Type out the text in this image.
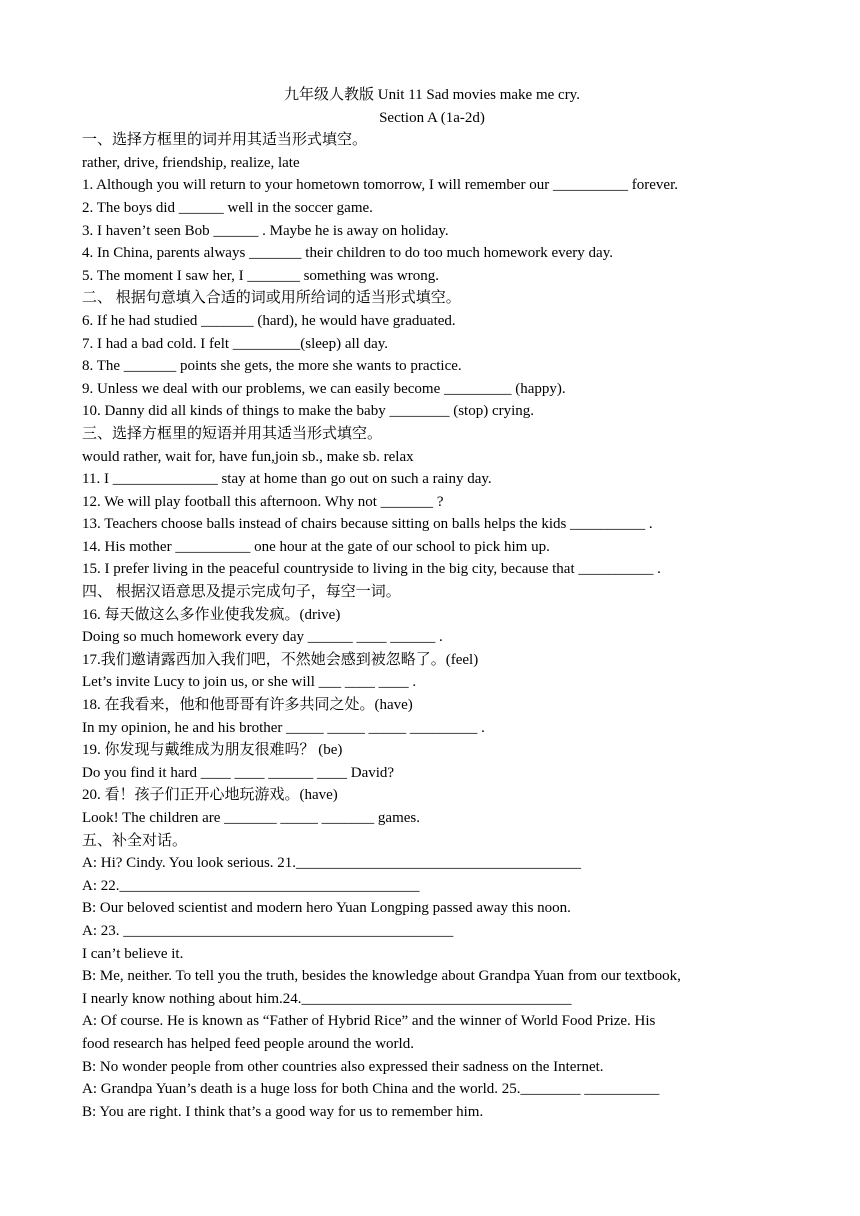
九年级人教版 Unit 11 Sad movies make me cry.
Section A (1a-2d)
一、选择方框里的词并用其适当形式填空。
rather, drive, friendship, realize, late
1. Although you will return to your hometown tomorrow, I will remember our __________ forever.
2. The boys did ______ well in the soccer game.
3. I haven’t seen Bob ______ . Maybe he is away on holiday.
4. In China, parents always _______ their children to do too much homework every day.
5. The moment I saw her, I _______ something was wrong.
二、 根据句意填入合适的词或用所给词的适当形式填空。
6. If he had studied _______ (hard), he would have graduated.
7. I had a bad cold. I felt _________(sleep) all day.
8. The _______ points she gets, the more she wants to practice.
9. Unless we deal with our problems, we can easily become _________ (happy).
10. Danny did all kinds of things to make the baby ________ (stop) crying.
三、选择方框里的短语并用其适当形式填空。
would rather, wait for, have fun,join sb., make sb. relax
11. I ______________ stay at home than go out on such a rainy day.
12. We will play football this afternoon. Why not _______ ?
13. Teachers choose balls instead of chairs because sitting on balls helps the kids __________ .
14. His mother __________ one hour at the gate of our school to pick him up.
15. I prefer living in the peaceful countryside to living in the big city, because that __________ .
四、 根据汉语意思及提示完成句子，每空一词。
16. 每天做这么多作业使我发疯。(drive)
Doing so much homework every day ______ ____ ______ .
17.我们邀请露西加入我们吧，不然她会感到被忽略了。(feel)
Let’s invite Lucy to join us, or she will ___ ____ ____ .
18. 在我看来，他和他哥哥有许多共同之处。(have)
In my opinion, he and his brother _____ _____ _____ _________ .
19. 你发现与戴维成为朋友很难吗？ (be)
Do you find it hard ____ ____ ______ ____ David?
20. 看！孩子们正开心地玩游戏。(have)
Look! The children are _______ _____ _______ games.
五、补全对话。
A: Hi? Cindy. You look serious. 21.______________________________________
A: 22.________________________________________
B: Our beloved scientist and modern hero Yuan Longping passed away this noon.
A: 23. ____________________________________________
I can’t believe it.
B: Me, neither. To tell you the truth, besides the knowledge about Grandpa Yuan from our textbook,
I nearly know nothing about him.24.____________________________________
A: Of course. He is known as “Father of Hybrid Rice” and the winner of World Food Prize. His
food research has helped feed people around the world.
B: No wonder people from other countries also expressed their sadness on the Internet.
A: Grandpa Yuan’s death is a huge loss for both China and the world. 25.________ __________
B: You are right. I think that’s a good way for us to remember him.
